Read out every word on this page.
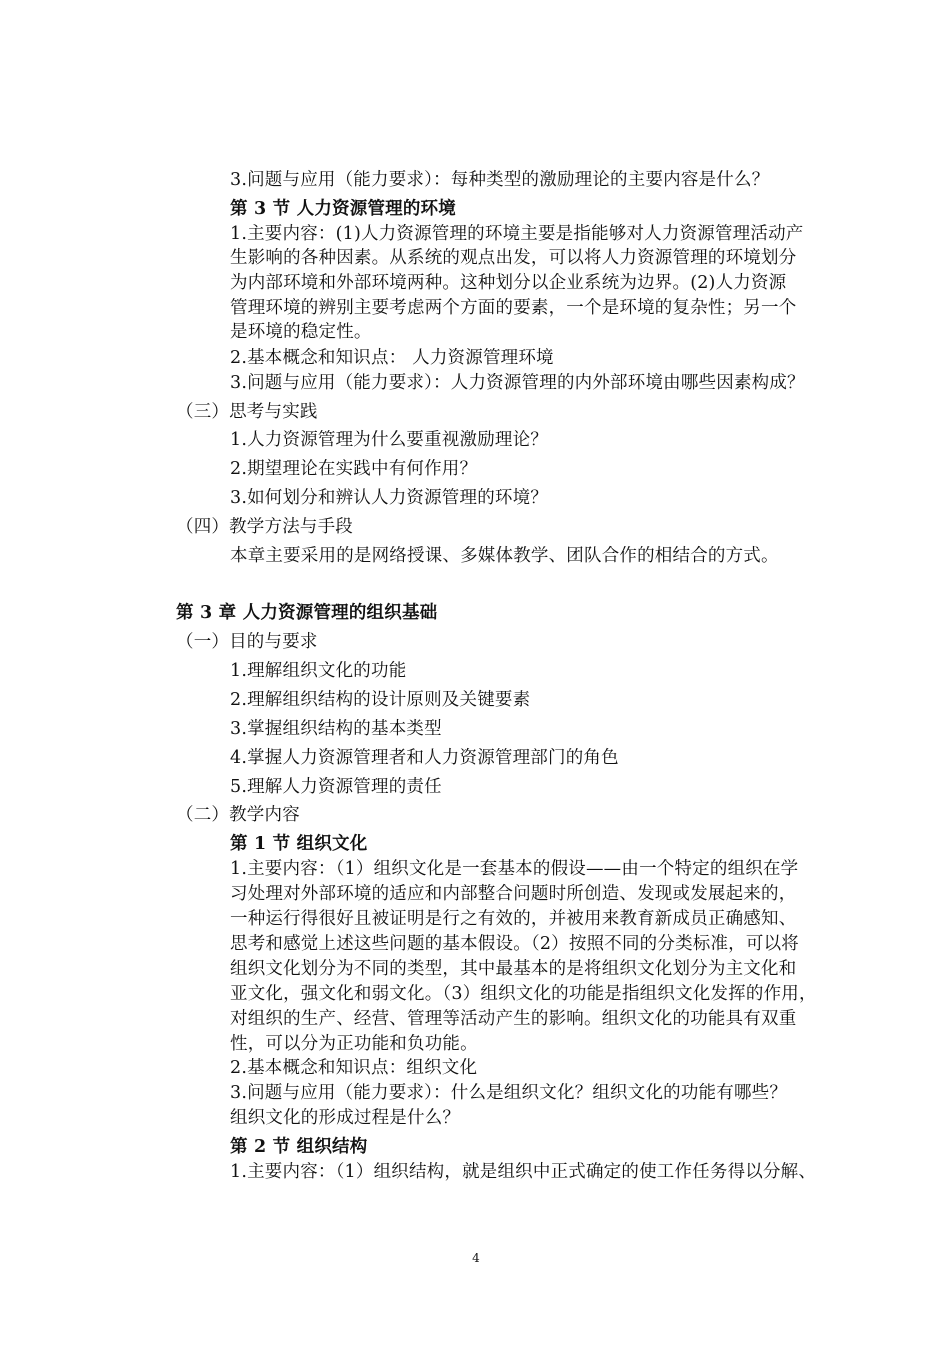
3.问题与应用（能力要求）：每种类型的激励理论的主要内容是什么？
第 3 节 人力资源管理的环境
1.主要内容：(1)人力资源管理的环境主要是指能够对人力资源管理活动产
生影响的各种因素。从系统的观点出发，可以将人力资源管理的环境划分
为内部环境和外部环境两种。这种划分以企业系统为边界。(2)人力资源
管理环境的辨别主要考虑两个方面的要素，一个是环境的复杂性；另一个
是环境的稳定性。
2.基本概念和知识点： 人力资源管理环境
3.问题与应用（能力要求）：人力资源管理的内外部环境由哪些因素构成？
（三）思考与实践
1.人力资源管理为什么要重视激励理论？
2.期望理论在实践中有何作用？
3.如何划分和辨认人力资源管理的环境？
（四）教学方法与手段
本章主要采用的是网络授课、多媒体教学、团队合作的相结合的方式。
第 3 章 人力资源管理的组织基础
（一）目的与要求
1.理解组织文化的功能
2.理解组织结构的设计原则及关键要素
3.掌握组织结构的基本类型
4.掌握人力资源管理者和人力资源管理部门的角色
5.理解人力资源管理的责任
（二）教学内容
第 1 节 组织文化
1.主要内容：（1）组织文化是一套基本的假设——由一个特定的组织在学
习处理对外部环境的适应和内部整合问题时所创造、发现或发展起来的，
一种运行得很好且被证明是行之有效的，并被用来教育新成员正确感知、
思考和感觉上述这些问题的基本假设。（2）按照不同的分类标准，可以将
组织文化划分为不同的类型，其中最基本的是将组织文化划分为主文化和
亚文化，强文化和弱文化。（3）组织文化的功能是指组织文化发挥的作用，
对组织的生产、经营、管理等活动产生的影响。组织文化的功能具有双重
性，可以分为正功能和负功能。
2.基本概念和知识点：组织文化
3.问题与应用（能力要求）：什么是组织文化？组织文化的功能有哪些？
组织文化的形成过程是什么？
第 2 节 组织结构
1.主要内容：（1）组织结构，就是组织中正式确定的使工作任务得以分解、
4
